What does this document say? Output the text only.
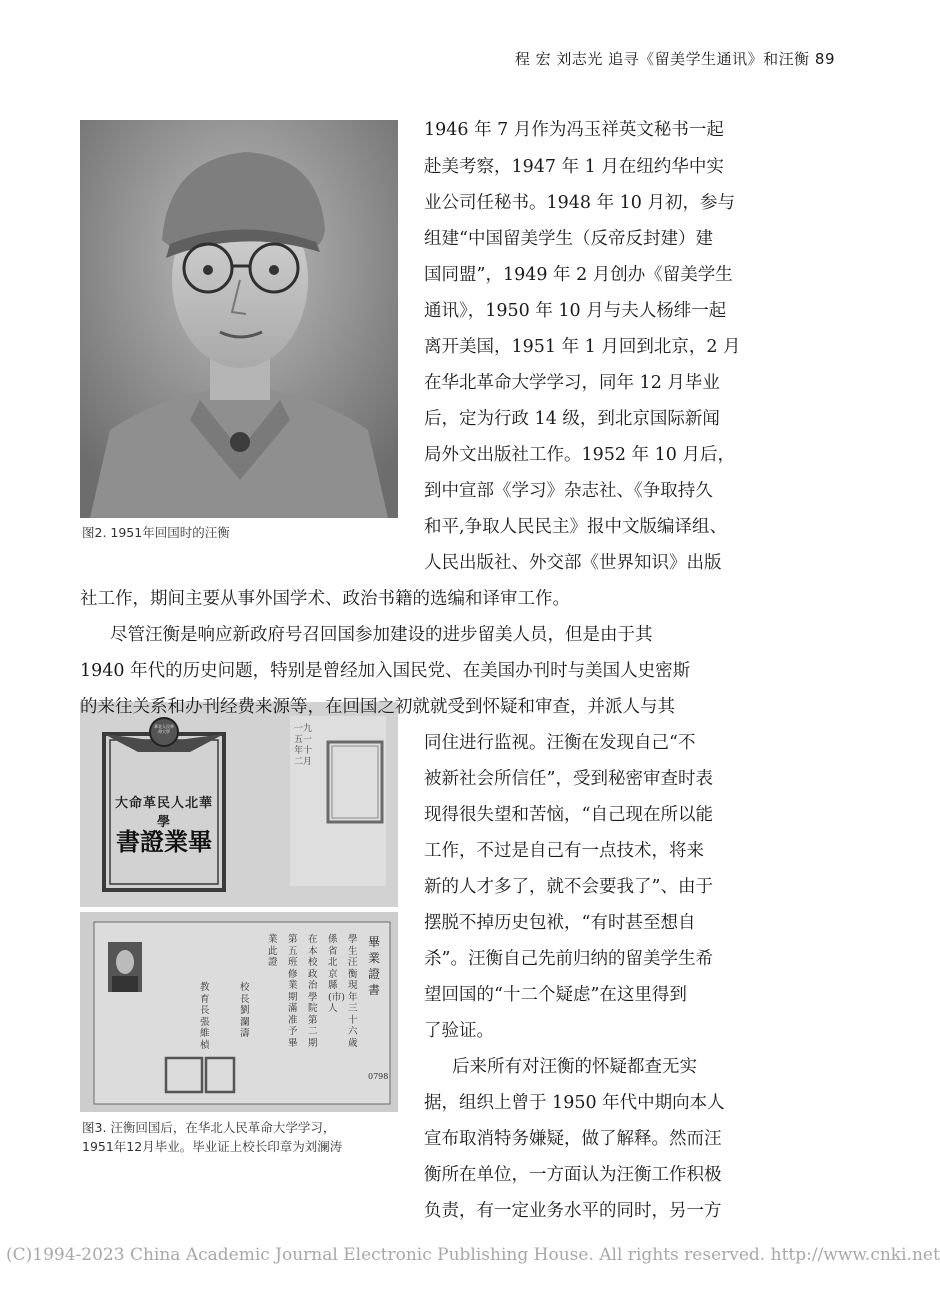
程 宏 刘志光 追寻《留美学生通讯》和汪衡 89
图2. 1951年回国时的汪衡
華北人民革命大學
華北人民革命大學
畢業證書
一九五一年十二月
畢業證書
學生 汪衡 現年 三十六 歲
係 省 北京 縣(市)人
在本校 政治學院 第 二 期
第 五 班修業期滿准予畢
業此證
校 長 劉瀾濤
教育長 張維楨
0798
图3. 汪衡回国后，在华北人民革命大学学习，
1951年12月毕业。毕业证上校长印章为刘澜涛
1946 年 7 月作为冯玉祥英文秘书一起
赴美考察，1947 年 1 月在纽约华中实
业公司任秘书。1948 年 10 月初，参与
组建“中国留美学生（反帝反封建）建
国同盟”，1949 年 2 月创办《留美学生
通讯》，1950 年 10 月与夫人杨绯一起
离开美国，1951 年 1 月回到北京，2 月
在华北革命大学学习，同年 12 月毕业
后，定为行政 14 级，到北京国际新闻
局外文出版社工作。1952 年 10 月后，
到中宣部《学习》杂志社、《争取持久
和平,争取人民民主》报中文版编译组、
人民出版社、外交部《世界知识》出版
社工作，期间主要从事外国学术、政治书籍的选编和译审工作。
尽管汪衡是响应新政府号召回国参加建设的进步留美人员，但是由于其
1940 年代的历史问题，特别是曾经加入国民党、在美国办刊时与美国人史密斯
的来往关系和办刊经费来源等，在回国之初就就受到怀疑和审查，并派人与其
同住进行监视。汪衡在发现自己“不
被新社会所信任”，受到秘密审查时表
现得很失望和苦恼，“自己现在所以能
工作，不过是自己有一点技术，将来
新的人才多了，就不会要我了”、由于
摆脱不掉历史包袱，“有时甚至想自
杀”。汪衡自己先前归纳的留美学生希
望回国的“十二个疑虑”在这里得到
了验证。
后来所有对汪衡的怀疑都查无实
据，组织上曾于 1950 年代中期向本人
宣布取消特务嫌疑，做了解释。然而汪
衡所在单位，一方面认为汪衡工作积极
负责，有一定业务水平的同时，另一方
(C)1994-2023 China Academic Journal Electronic Publishing House. All rights reserved. http://www.cnki.net
